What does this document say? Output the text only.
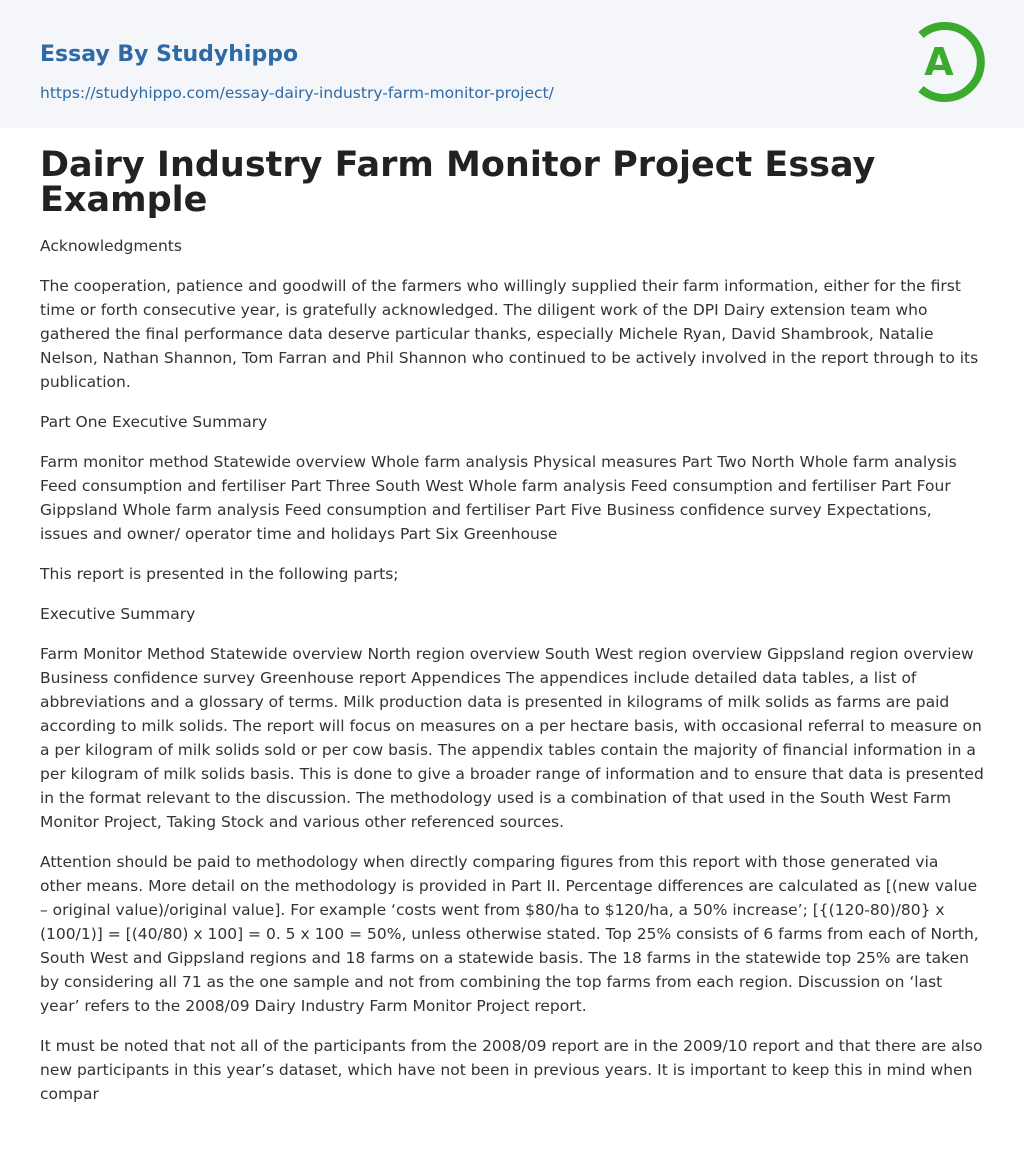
Essay By Studyhippo
https://studyhippo.com/essay-dairy-industry-farm-monitor-project/
A
Dairy Industry Farm Monitor Project Essay Example

Acknowledgments

The cooperation, patience and goodwill of the farmers who willingly supplied their farm information, either for the first time or forth consecutive year, is gratefully acknowledged. The diligent work of the DPI Dairy extension team who gathered the final performance data deserve particular thanks, especially Michele Ryan, David Shambrook, Natalie Nelson, Nathan Shannon, Tom Farran and Phil Shannon who continued to be actively involved in the report through to its publication.

Part One Executive Summary

Farm monitor method Statewide overview Whole farm analysis Physical measures Part Two North Whole farm analysis Feed consumption and fertiliser Part Three South West Whole farm analysis Feed consumption and fertiliser Part Four Gippsland Whole farm analysis Feed consumption and fertiliser Part Five Business confidence survey Expectations, issues and owner/ operator time and holidays Part Six Greenhouse

This report is presented in the following parts;

Executive Summary

Farm Monitor Method Statewide overview North region overview South West region overview Gippsland region overview Business confidence survey Greenhouse report Appendices The appendices include detailed data tables, a list of abbreviations and a glossary of terms. Milk production data is presented in kilograms of milk solids as farms are paid according to milk solids. The report will focus on measures on a per hectare basis, with occasional referral to measure on a per kilogram of milk solids sold or per cow basis. The appendix tables contain the majority of financial information in a per kilogram of milk solids basis. This is done to give a broader range of information and to ensure that data is presented in the format relevant to the discussion. The methodology used is a combination of that used in the South West Farm Monitor Project, Taking Stock and various other referenced sources.

Attention should be paid to methodology when directly comparing figures from this report with those generated via other means. More detail on the methodology is provided in Part II. Percentage differences are calculated as [(new value – original value)/original value]. For example ‘costs went from $80/ha to $120/ha, a 50% increase’; [{(120-80)/80} x (100/1)] = [(40/80) x 100] = 0. 5 x 100 = 50%, unless otherwise stated. Top 25% consists of 6 farms from each of North, South West and Gippsland regions and 18 farms on a statewide basis. The 18 farms in the statewide top 25% are taken by considering all 71 as the one sample and not from combining the top farms from each region. Discussion on ‘last year’ refers to the 2008/09 Dairy Industry Farm Monitor Project report.

It must be noted that not all of the participants from the 2008/09 report are in the 2009/10 report and that there are also new participants in this year’s dataset, which have not been in previous years. It is important to keep this in mind when compar
